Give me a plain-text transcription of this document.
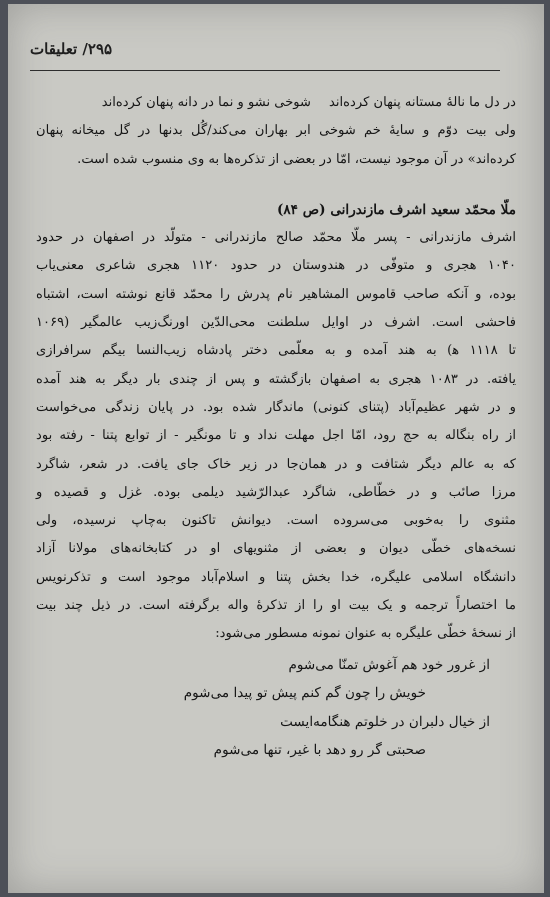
۲۹۵/ تعلیقات
در دل ما نالهٔ مستانه پنهان کرده‌اند
شوخی نشو و نما در دانه پنهان کرده‌اند
ولی بیت دوّم و سایهٔ خم شوخی ابر بهاران می‌کند/گُل بدنها در گل میخانه پنهان
کرده‌اند» در آن موجود نیست، امّا در بعضی از تذکره‌ها به وی منسوب شده است.
ملّا محمّد سعید اشرف مازندرانی (ص ۸۴)
اشرف مازندرانی - پسر ملّا محمّد صالح مازندرانی - متولّد در اصفهان در حدود
۱۰۴۰ هجری و متوفّی در هندوستان در حدود ۱۱۲۰ هجری شاعری معنی‌یاب
بوده، و آنکه صاحب قاموس المشاهیر نام پدرش را محمّد قانع نوشته است، اشتباه
فاحشی است. اشرف در اوایل سلطنت محی‌الدّین اورنگ‌زیب عالمگیر (۱۰۶۹
تا ۱۱۱۸ ﻫ) به هند آمده و به معلّمی دختر پادشاه زیب‌النسا بیگم سرافرازی
یافته. در ۱۰۸۳ هجری به اصفهان بازگشته و پس از چندی بار دیگر به هند آمده
و در شهر عظیم‌آباد (پتنای کنونی) ماندگار شده بود. در پایان زندگی می‌خواست
از راه بنگاله به حج رود، امّا اجل مهلت نداد و تا مونگیر - از توابع پتنا - رفته بود
که به عالم دیگر شتافت و در همان‌جا در زیر خاک جای یافت. در شعر، شاگرد
مرزا صائب و در خطّاطی، شاگرد عبدالرّشید دیلمی بوده. غزل و قصیده و
مثنوی را به‌خوبی می‌سروده است. دیوانش تاکنون به‌چاپ نرسیده، ولی
نسخه‌های خطّی دیوان و بعضی از مثنویهای او در کتابخانه‌های مولانا آزاد
دانشگاه اسلامی علیگره، خدا بخش پتنا و اسلام‌آباد موجود است و تذکرنویس
ما اختصاراً ترجمه و یک بیت او را از تذکرهٔ واله برگرفته است. در ذیل چند بیت
از نسخهٔ خطّی علیگره به عنوان نمونه مسطور می‌شود:
از غرور خود هم آغوش تمنّا می‌شوم
خویش را چون گم کنم پیش تو پیدا می‌شوم
از خیال دلبران در خلوتم هنگامه‌ایست
صحبتی گر رو دهد با غیر، تنها می‌شوم
